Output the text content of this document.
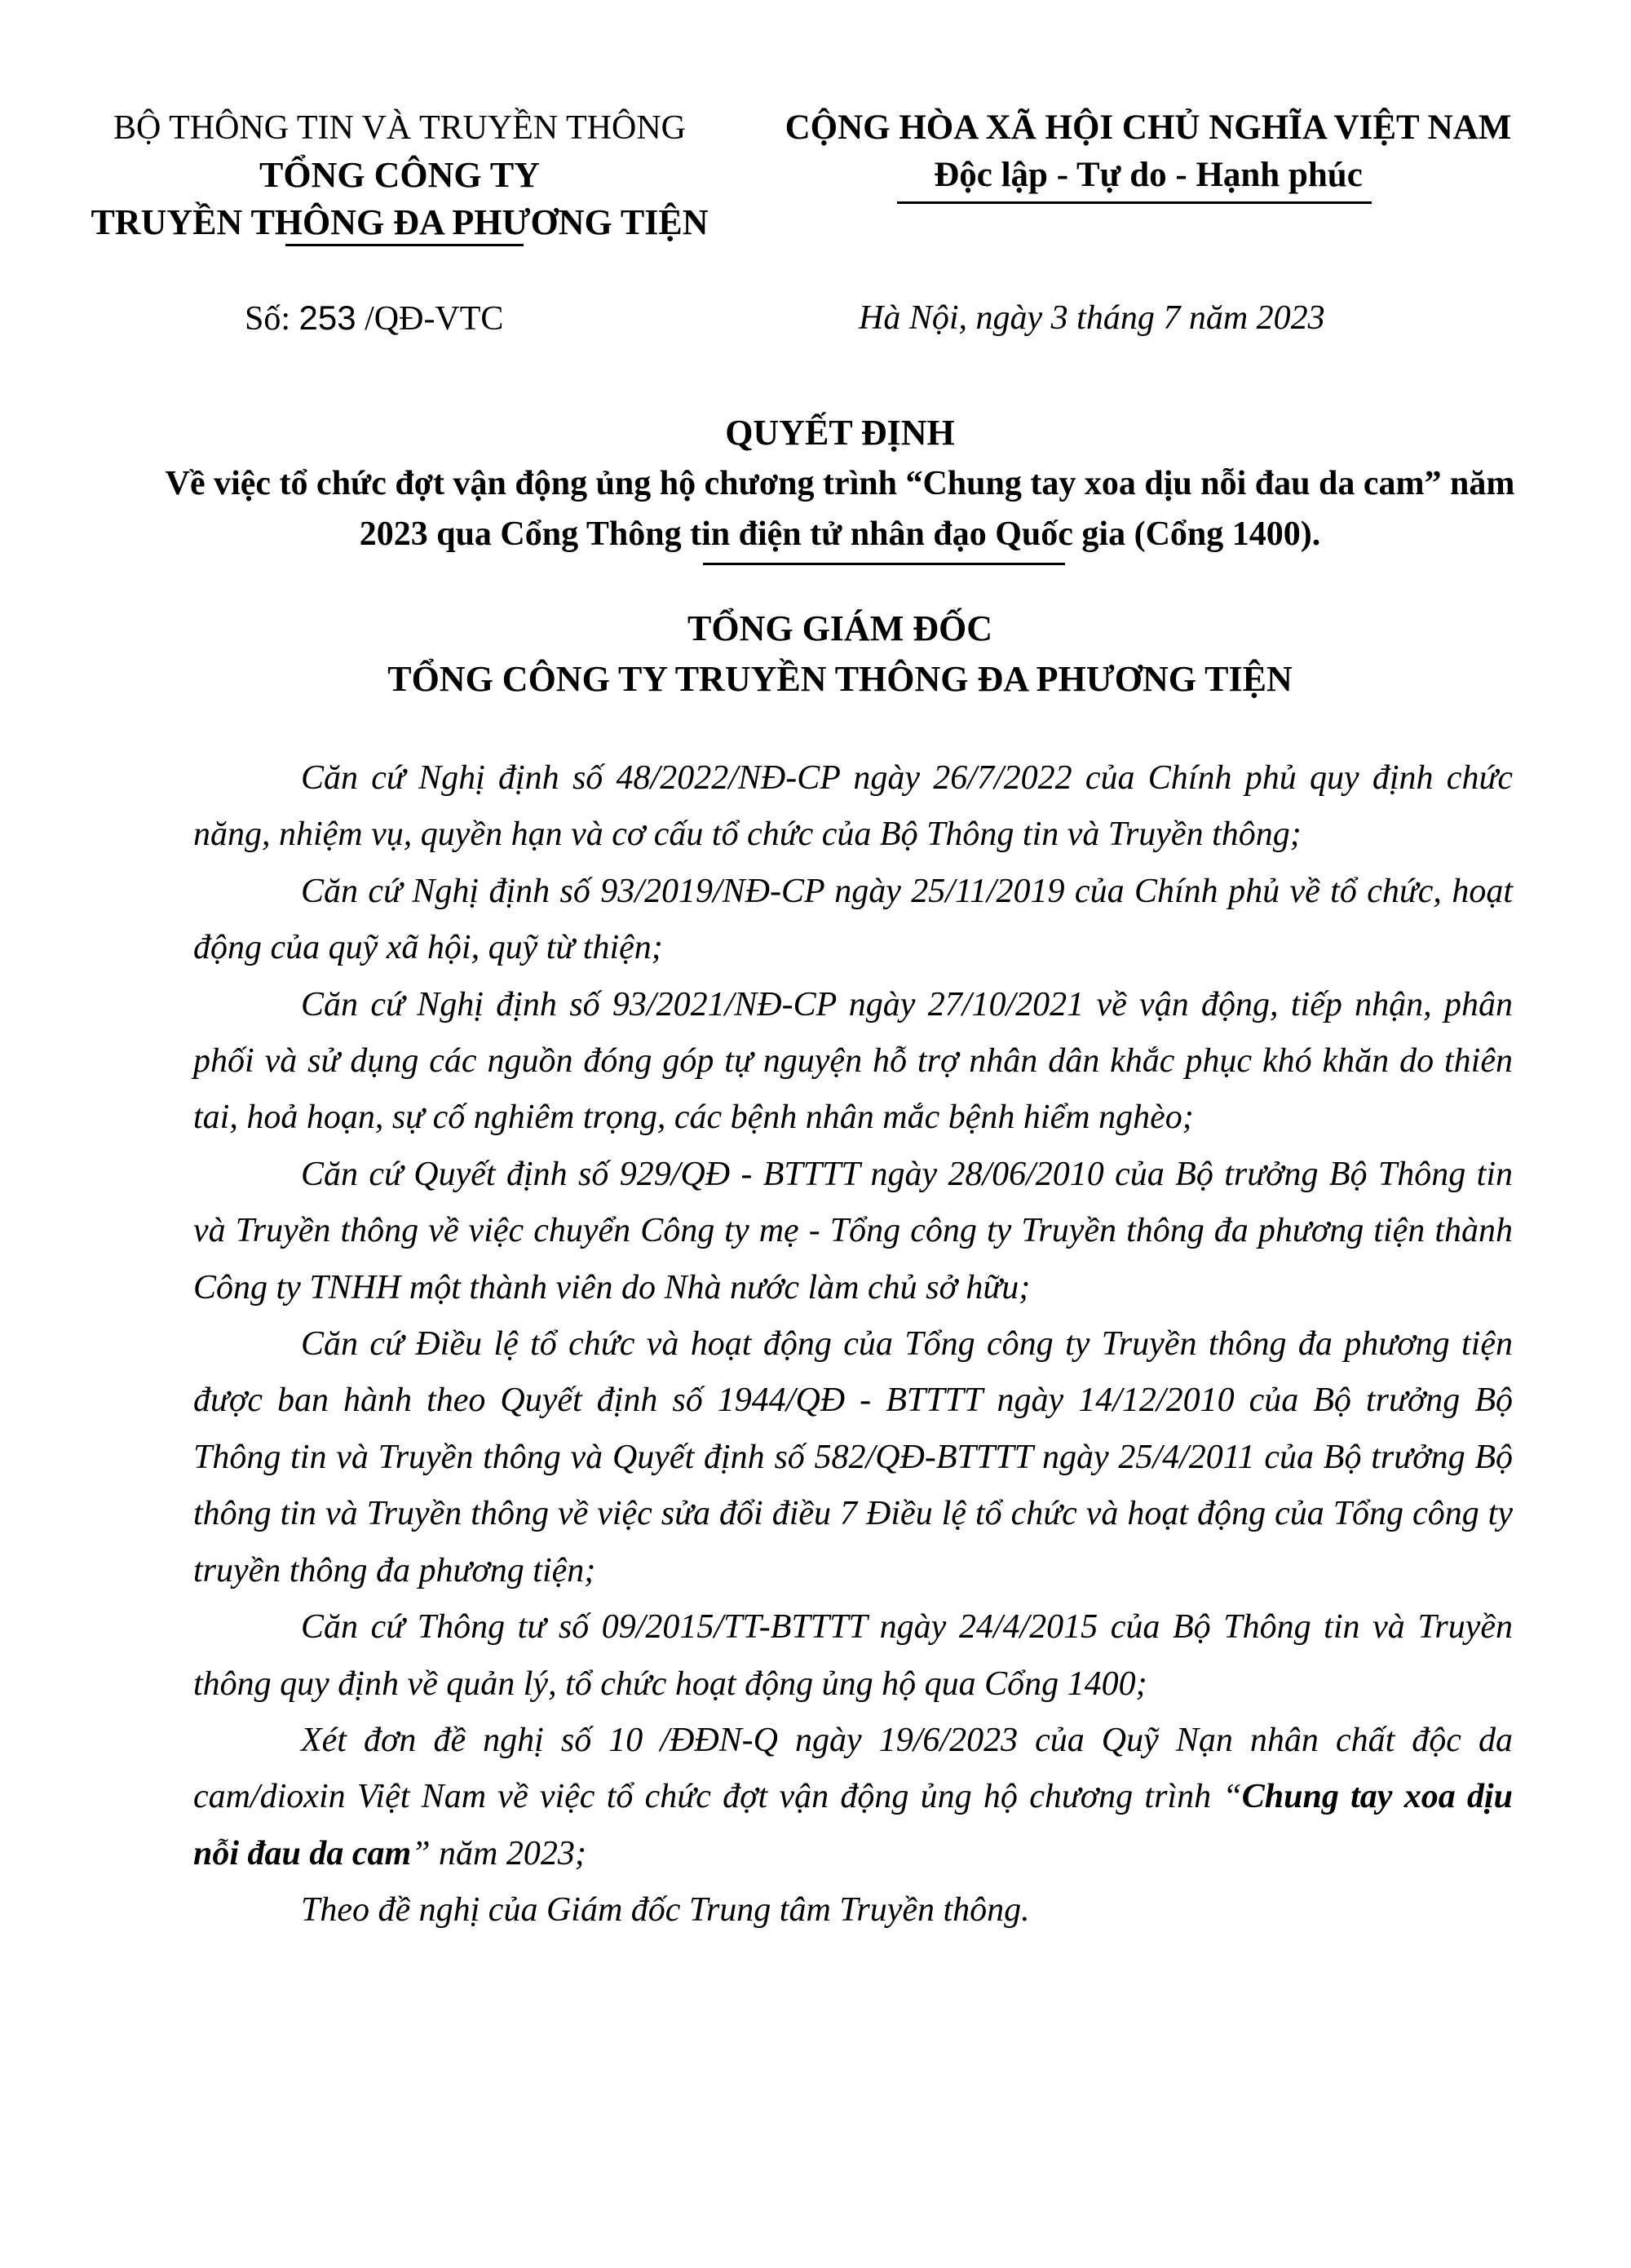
BỘ THÔNG TIN VÀ TRUYỀN THÔNG
TỔNG CÔNG TY
TRUYỀN THÔNG ĐA PHƯƠNG TIỆN
CỘNG HÒA XÃ HỘI CHỦ NGHĨA VIỆT NAM
Độc lập - Tự do - Hạnh phúc
Số: 253 /QĐ-VTC	Hà Nội, ngày 3 tháng 7 năm 2023
QUYẾT ĐỊNH
Về việc tổ chức đợt vận động ủng hộ chương trình “Chung tay xoa dịu nỗi đau da cam” năm 2023 qua Cổng Thông tin điện tử nhân đạo Quốc gia (Cổng 1400).
TỔNG GIÁM ĐỐC
TỔNG CÔNG TY TRUYỀN THÔNG ĐA PHƯƠNG TIỆN

Căn cứ Nghị định số 48/2022/NĐ-CP ngày 26/7/2022 của Chính phủ quy định chức năng, nhiệm vụ, quyền hạn và cơ cấu tổ chức của Bộ Thông tin và Truyền thông;

Căn cứ Nghị định số 93/2019/NĐ-CP ngày 25/11/2019 của Chính phủ về tổ chức, hoạt động của quỹ xã hội, quỹ từ thiện;

Căn cứ Nghị định số 93/2021/NĐ-CP ngày 27/10/2021 về vận động, tiếp nhận, phân phối và sử dụng các nguồn đóng góp tự nguyện hỗ trợ nhân dân khắc phục khó khăn do thiên tai, hoả hoạn, sự cố nghiêm trọng, các bệnh nhân mắc bệnh hiểm nghèo;

Căn cứ Quyết định số 929/QĐ - BTTTT ngày 28/06/2010 của Bộ trưởng Bộ Thông tin và Truyền thông về việc chuyển Công ty mẹ - Tổng công ty Truyền thông đa phương tiện thành Công ty TNHH một thành viên do Nhà nước làm chủ sở hữu;

Căn cứ Điều lệ tổ chức và hoạt động của Tổng công ty Truyền thông đa phương tiện được ban hành theo Quyết định số 1944/QĐ - BTTTT ngày 14/12/2010 của Bộ trưởng Bộ Thông tin và Truyền thông và Quyết định số 582/QĐ-BTTTT ngày 25/4/2011 của Bộ trưởng Bộ thông tin và Truyền thông về việc sửa đổi điều 7 Điều lệ tổ chức và hoạt động của Tổng công ty truyền thông đa phương tiện;

Căn cứ Thông tư số 09/2015/TT-BTTTT ngày 24/4/2015 của Bộ Thông tin và Truyền thông quy định về quản lý, tổ chức hoạt động ủng hộ qua Cổng 1400;

Xét đơn đề nghị số 10 /ĐĐN-Q ngày 19/6/2023 của Quỹ Nạn nhân chất độc da cam/dioxin Việt Nam về việc tổ chức đợt vận động ủng hộ chương trình “Chung tay xoa dịu nỗi đau da cam” năm 2023;

Theo đề nghị của Giám đốc Trung tâm Truyền thông.
